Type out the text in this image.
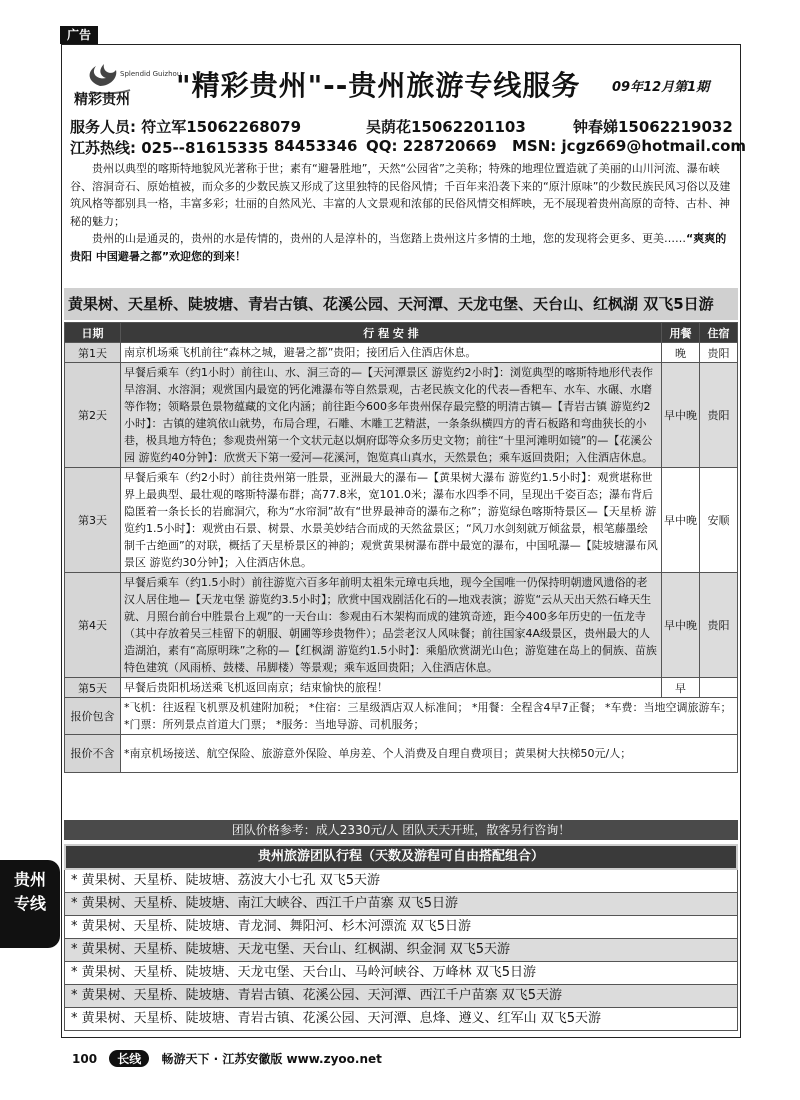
广告
Splendid Guizhou
精彩贵州 "精彩贵州"--贵州旅游专线服务 09年12月第1期
服务人员: 符立军15062268079	吴荫花15062201103	钟春娣15062219032
江苏热线: 025--81615335 84453346 QQ: 228720669 MSN: jcgz669@hotmail.com

贵州以典型的喀斯特地貌风光著称于世；素有“避暑胜地”，天然“公园省”之美称；特殊的地理位置造就了美丽的山川河流、瀑布峡谷、溶洞奇石、原始植被，而众多的少数民族又形成了这里独特的民俗风情；千百年来沿袭下来的“原汁原味”的少数民族民风习俗以及建筑风格等都别具一格，丰富多彩；壮丽的自然风光、丰富的人文景观和浓郁的民俗风情交相辉映，无不展现着贵州高原的奇特、古朴、神秘的魅力；

贵州的山是通灵的，贵州的水是传情的，贵州的人是淳朴的，当您踏上贵州这片多情的土地，您的发现将会更多、更美……“爽爽的贵阳 中国避暑之都”欢迎您的到来！

黄果树、天星桥、陡坡塘、青岩古镇、花溪公园、天河潭、天龙屯堡、天台山、红枫湖 双飞5日游
日期	行 程 安 排	用餐	住宿
第1天	南京机场乘飞机前往“森林之城，避暑之都”贵阳；接团后入住酒店休息。	晚	贵阳
第2天	早餐后乘车（约1小时）前往山、水、洞三奇的—【天河潭景区 游览约2小时】：浏览典型的喀斯特地形代表作旱溶洞、水溶洞；观赏国内最宽的钙化滩瀑布等自然景观，古老民族文化的代表—香粑车、水车、水碾、水磨等作物；领略景色景物蕴藏的文化内涵；前往距今600多年贵州保存最完整的明清古镇—【青岩古镇 游览约2小时】：古镇的建筑依山就势，布局合理，石雕、木雕工艺精湛，一条条纵横四方的青石板路和弯曲狭长的小巷，极具地方特色；参观贵州第一个文状元赵以炯府邸等众多历史文物；前往“十里河滩明如镜”的—【花溪公园 游览约40分钟】：欣赏天下第一爱河—花溪河，饱览真山真水，天然景色；乘车返回贵阳；入住酒店休息。	早中晚	贵阳
第3天	早餐后乘车（约2小时）前往贵州第一胜景，亚洲最大的瀑布—【黄果树大瀑布 游览约1.5小时】：观赏堪称世界上最典型、最壮观的喀斯特瀑布群；高77.8米，宽101.0米；瀑布水四季不同，呈现出千姿百态；瀑布背后隐匿着一条长长的岩廊洞穴，称为“水帘洞”故有“世界最神奇的瀑布之称”；游览绿色喀斯特景区—【天星桥 游览约1.5小时】：观赏由石景、树景、水景美妙结合而成的天然盆景区；“风刀水剑刻就万倾盆景，根笔藤墨绘制千古绝画”的对联，概括了天星桥景区的神韵；观赏黄果树瀑布群中最宽的瀑布，中国吼瀑—【陡坡塘瀑布风景区 游览约30分钟】；入住酒店休息。	早中晚	安顺
第4天	早餐后乘车（约1.5小时）前往游览六百多年前明太祖朱元璋屯兵地，现今全国唯一仍保持明朝遗风遗俗的老汉人居住地—【天龙屯堡 游览约3.5小时】；欣赏中国戏剧活化石的—地戏表演；游览“云从天出天然石峰天生就、月照台前台中胜景台上观”的一天台山：参观由石木架构而成的建筑奇迹，距今400多年历史的一伍龙寺（其中存放着吴三桂留下的朝服、朝圃等珍贵物件）；品尝老汉人风味餐；前往国家4A级景区，贵州最大的人造湖泊，素有“高原明珠”之称的—【红枫湖 游览约1.5小时】：乘船欣赏湖光山色；游览建在岛上的侗族、苗族特色建筑（风雨桥、鼓楼、吊脚楼）等景观；乘车返回贵阳；入住酒店休息。	早中晚	贵阳
第5天	早餐后贵阳机场送乘飞机返回南京；结束愉快的旅程！	早	
报价包含	*飞机：往返程飞机票及机建附加税； *住宿：三星级酒店双人标准间； *用餐：全程含4早7正餐； *车费：当地空调旅游车； *门票：所列景点首道大门票； *服务：当地导游、司机服务；		
报价不含	*南京机场接送、航空保险、旅游意外保险、单房差、个人消费及自理自费项目；黄果树大扶梯50元/人；		
团队价格参考：成人2330元/人 团队天天开班，散客另行咨询！
贵州旅游团队行程（天数及游程可自由搭配组合）
* 黄果树、天星桥、陡坡塘、荔波大小七孔 双飞5天游
* 黄果树、天星桥、陡坡塘、南江大峡谷、西江千户苗寨 双飞5日游
* 黄果树、天星桥、陡坡塘、青龙洞、舞阳河、杉木河漂流 双飞5日游
* 黄果树、天星桥、陡坡塘、天龙屯堡、天台山、红枫湖、织金洞 双飞5天游
* 黄果树、天星桥、陡坡塘、天龙屯堡、天台山、马岭河峡谷、万峰林 双飞5日游
* 黄果树、天星桥、陡坡塘、青岩古镇、花溪公园、天河潭、西江千户苗寨 双飞5天游
* 黄果树、天星桥、陡坡塘、青岩古镇、花溪公园、天河潭、息烽、遵义、红军山 双飞5天游
贵州
专线
100 长线 畅游天下 · 江苏安徽版 www.zyoo.net
